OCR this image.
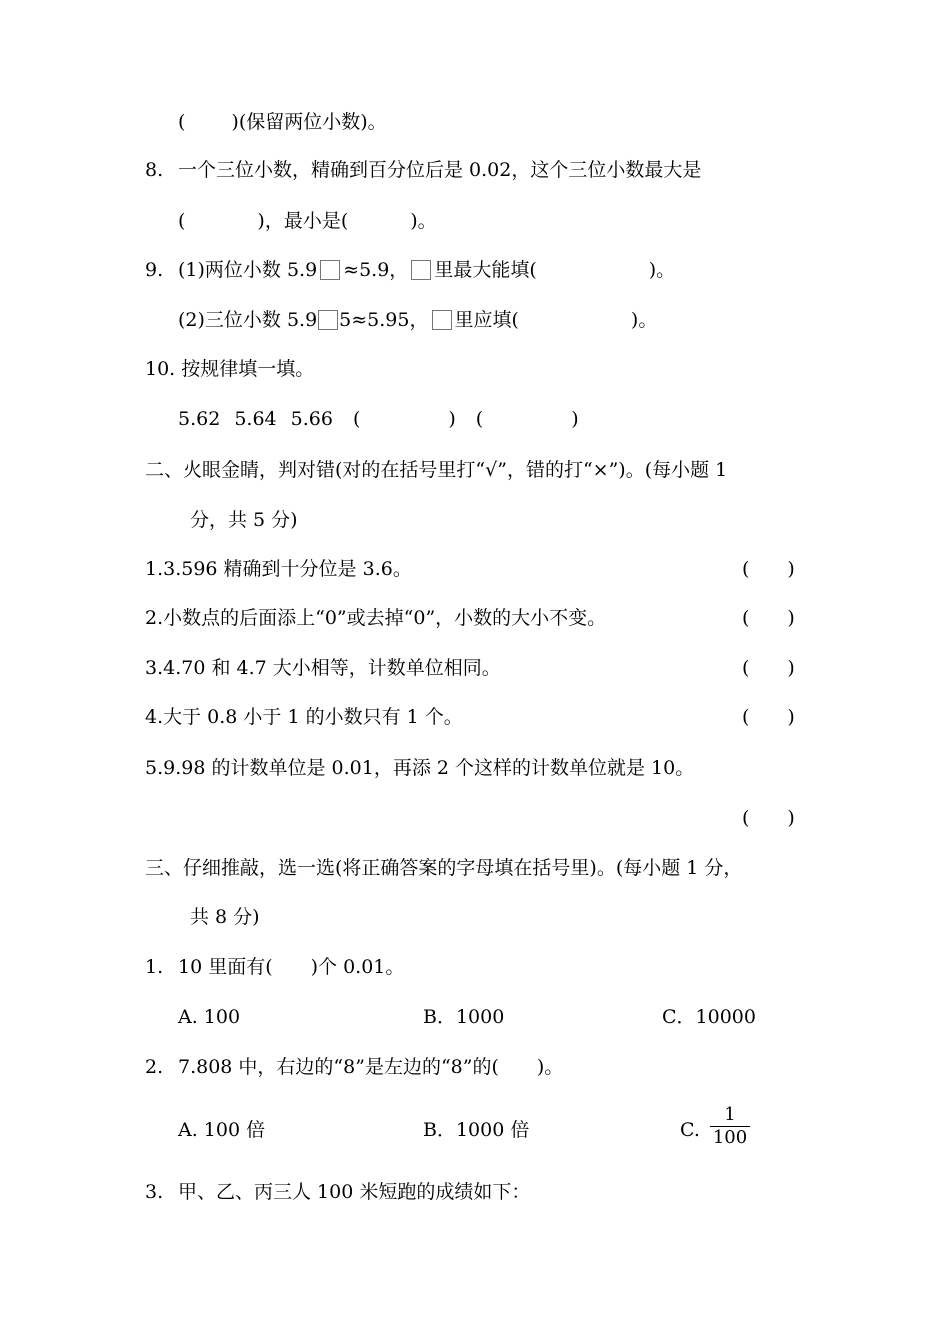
( )(保留两位小数)。
8. 一个三位小数，精确到百分位后是 0.02，这个三位小数最大是
(	)，最小是(	)。
9. (1)两位小数 5.9 ≈5.9， 里最大能填(	)。
(2)三位小数 5.9 5≈5.95， 里应填(	)。
10. 按规律填一填。
5.62 5.64 5.66 (	) (	)
二、火眼金睛，判对错(对的在括号里打“√”，错的打“×”)。(每小题 1
分，共 5 分)
1.3.596 精确到十分位是 3.6。	(　　)
2.小数点的后面添上“0”或去掉“0”，小数的大小不变。	(　　)
3.4.70 和 4.7 大小相等，计数单位相同。	(　　)
4.大于 0.8 小于 1 的小数只有 1 个。	(　　)
5.9.98 的计数单位是 0.01，再添 2 个这样的计数单位就是 10。
(　　)
三、仔细推敲，选一选(将正确答案的字母填在括号里)。(每小题 1 分，
共 8 分)
1. 10 里面有(　　)个 0.01。
A. 100	B．1000	C．10000
2. 7.808 中，右边的“8”是左边的“8”的(　　)。
A. 100 倍	B．1000 倍	C. $\frac{1}{100}$
3. 甲、乙、丙三人 100 米短跑的成绩如下：
